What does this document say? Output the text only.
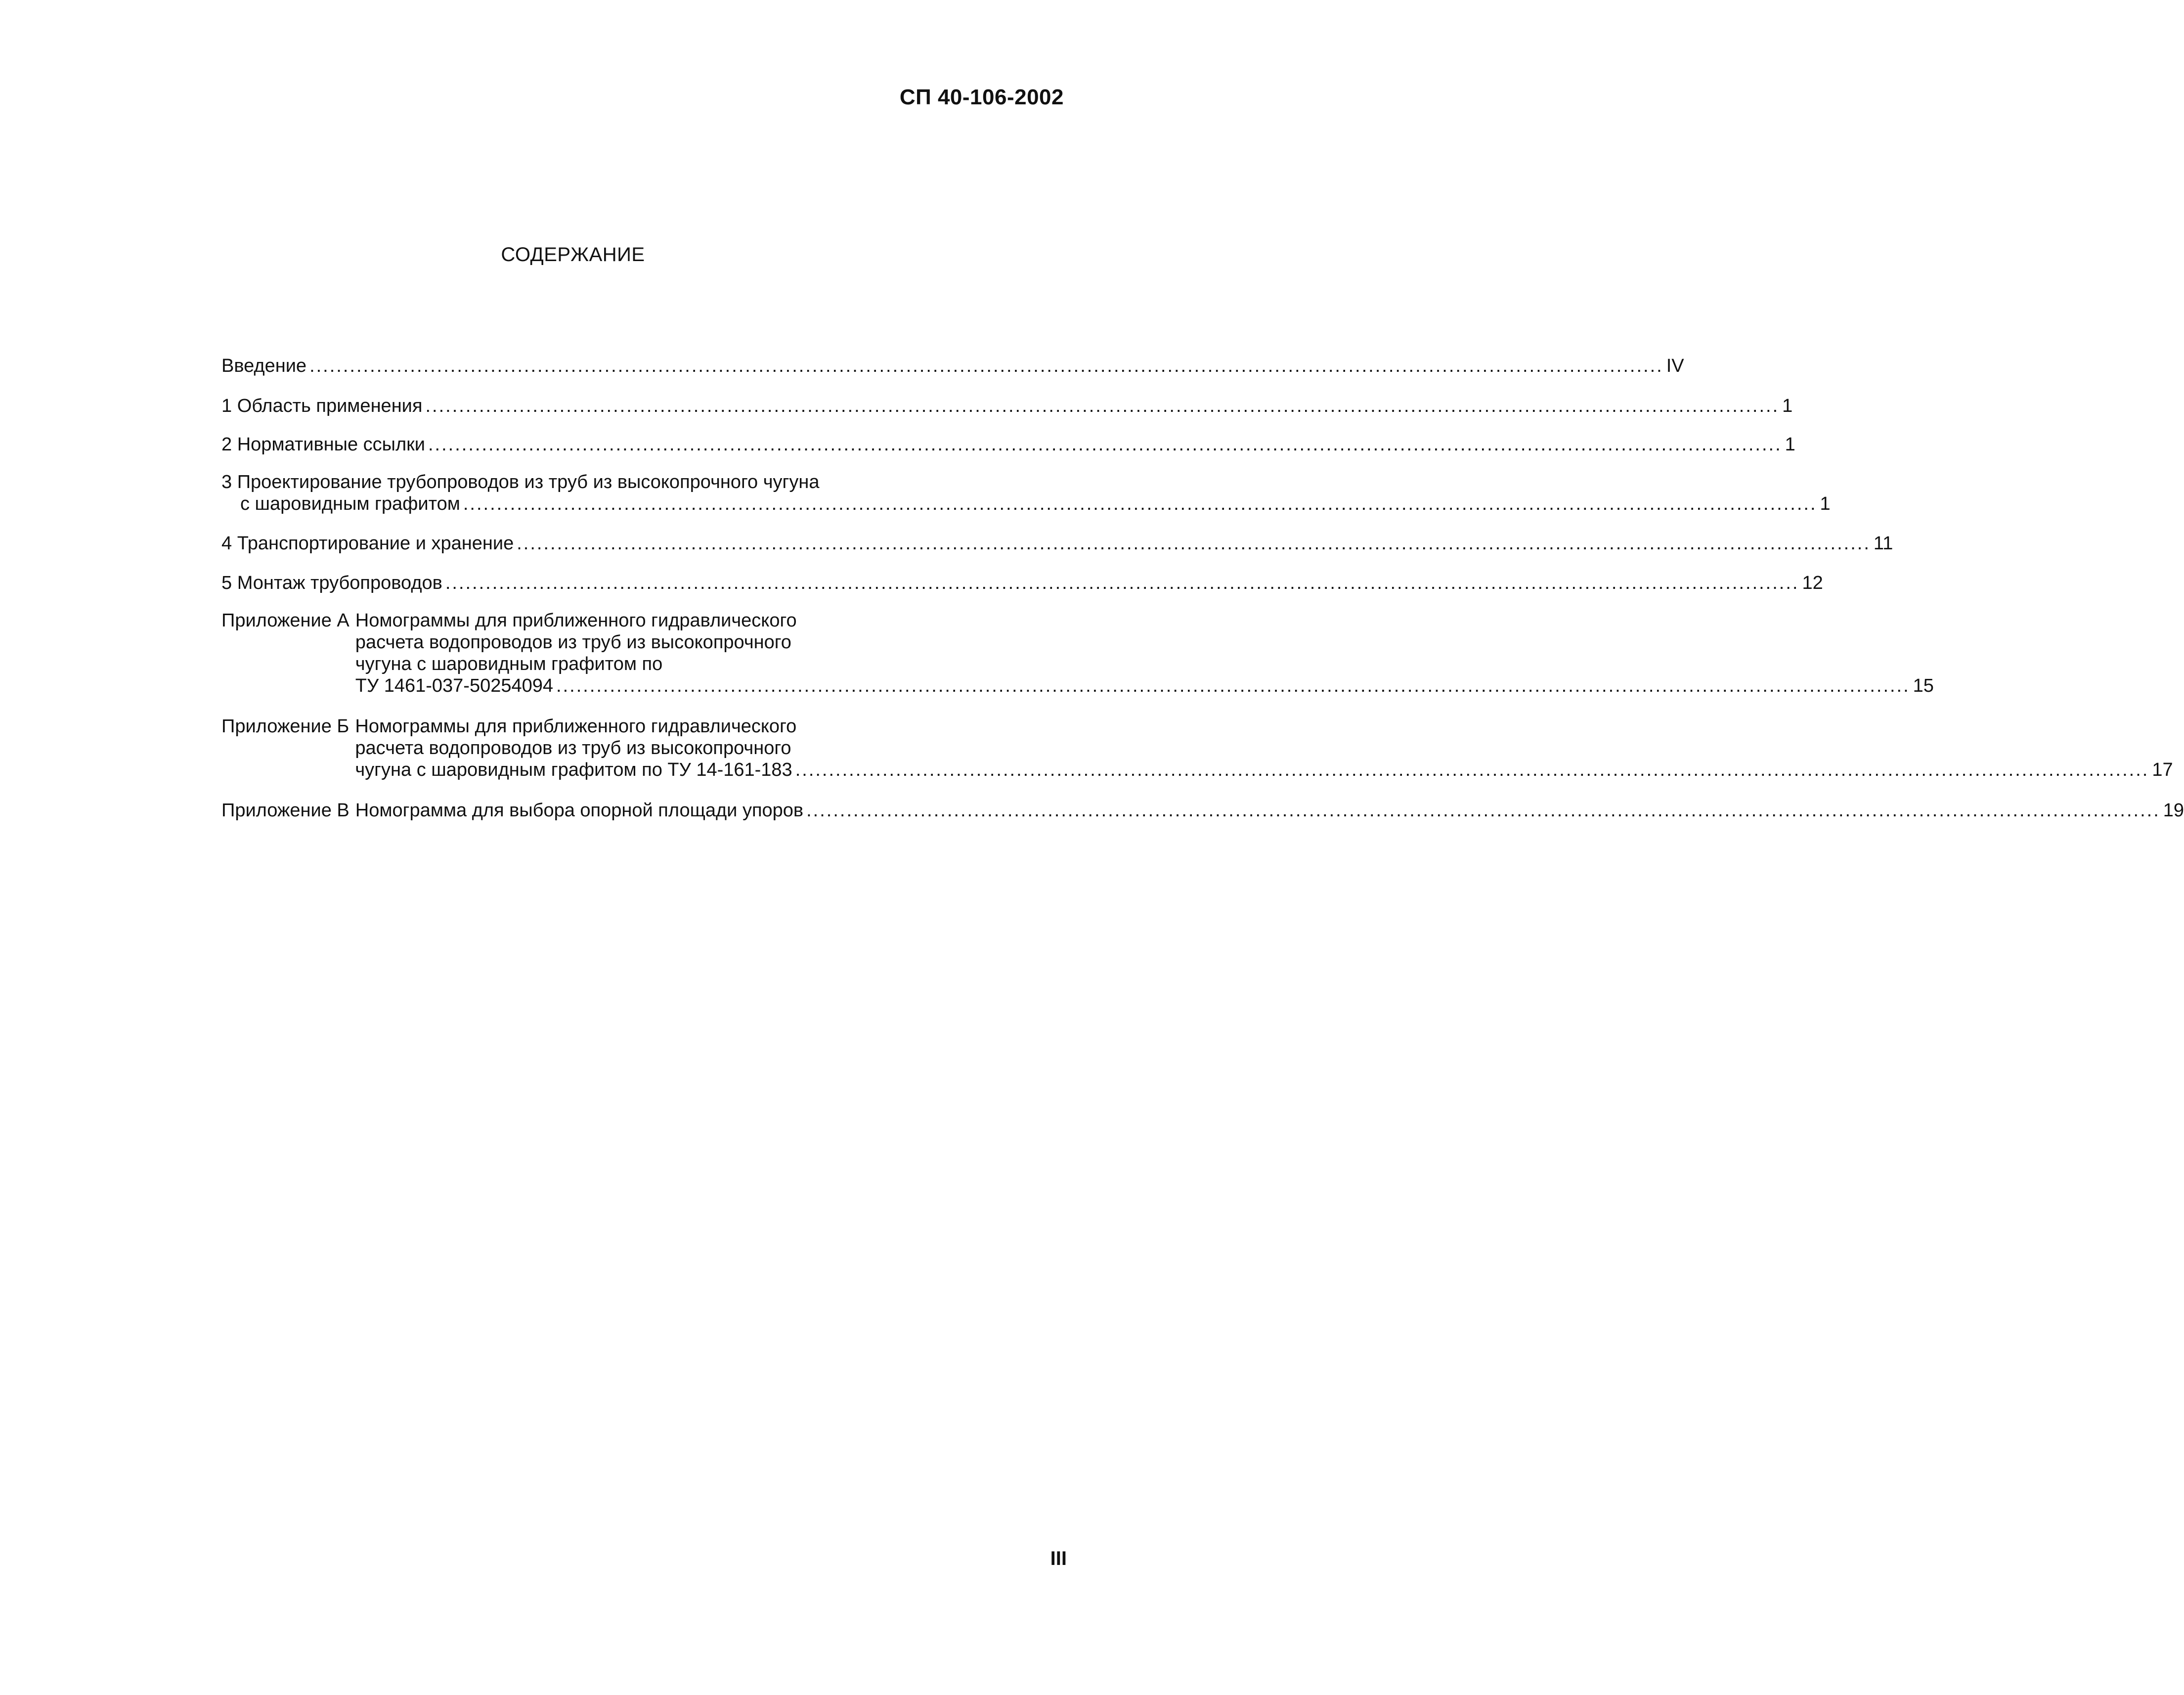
СП 40-106-2002
СОДЕРЖАНИЕ
Введение .......................................................................................................................................................................................................... IV
1 Область применения .......................................................................................................................................................................................................... 1
2 Нормативные ссылки .......................................................................................................................................................................................................... 1
3 Проектирование трубопроводов из труб из высокопрочного чугуна
с шаровидным графитом .......................................................................................................................................................................................................... 1
4 Транспортирование и хранение .......................................................................................................................................................................................................... 11
5 Монтаж трубопроводов .......................................................................................................................................................................................................... 12
Приложение А Номограммы для приближенного гидравлического
расчета водопроводов из труб из высокопрочного
чугуна с шаровидным графитом по
ТУ 1461-037-50254094 .......................................................................................................................................................................................................... 15
Приложение Б Номограммы для приближенного гидравлического
расчета водопроводов из труб из высокопрочного
чугуна с шаровидным графитом по ТУ 14-161-183 .......................................................................................................................................................................................................... 17
Приложение В Номограмма для выбора опорной площади упоров .......................................................................................................................................................................................................... 19
III
